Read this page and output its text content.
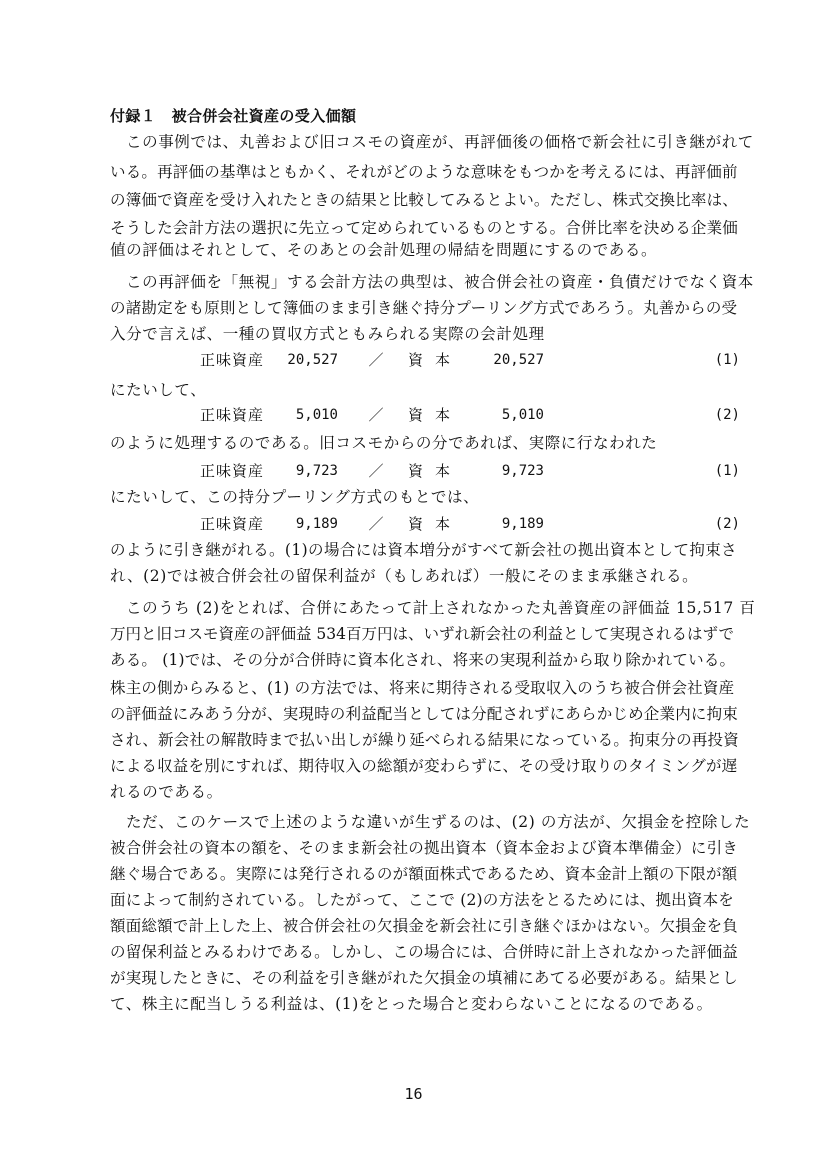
付録１　被合併会社資産の受入価額
この事例では、丸善および旧コスモの資産が、再評価後の価格で新会社に引き継がれて
いる。再評価の基準はともかく、それがどのような意味をもつかを考えるには、再評価前
の簿価で資産を受け入れたときの結果と比較してみるとよい。ただし、株式交換比率は、
そうした会計方法の選択に先立って定められているものとする。合併比率を決める企業価
値の評価はそれとして、そのあとの会計処理の帰結を問題にするのである。
この再評価を「無視」する会計方法の典型は、被合併会社の資産・負債だけでなく資本
の諸勘定をも原則として簿価のまま引き継ぐ持分プーリング方式であろう。丸善からの受
入分で言えば、一種の買収方式ともみられる実際の会計処理
正味資産	20,527 ／ 資本	20,527	(1)
にたいして、
正味資産	5,010 ／ 資本	5,010	(2)
のように処理するのである。旧コスモからの分であれば、実際に行なわれた
正味資産	9,723 ／ 資本	9,723	(1)
にたいして、この持分プーリング方式のもとでは、
正味資産	9,189 ／ 資本	9,189	(2)
のように引き継がれる。(1)の場合には資本増分がすべて新会社の拠出資本として拘束さ
れ、(2)では被合併会社の留保利益が（もしあれば）一般にそのまま承継される。
このうち (2)をとれば、合併にあたって計上されなかった丸善資産の評価益 15,517 百
万円と旧コスモ資産の評価益 534百万円は、いずれ新会社の利益として実現されるはずで
ある。 (1)では、その分が合併時に資本化され、将来の実現利益から取り除かれている。
株主の側からみると、(1) の方法では、将来に期待される受取収入のうち被合併会社資産
の評価益にみあう分が、実現時の利益配当としては分配されずにあらかじめ企業内に拘束
され、新会社の解散時まで払い出しが繰り延べられる結果になっている。拘束分の再投資
による収益を別にすれば、期待収入の総額が変わらずに、その受け取りのタイミングが遅
れるのである。
ただ、このケースで上述のような違いが生ずるのは、(2) の方法が、欠損金を控除した
被合併会社の資本の額を、そのまま新会社の拠出資本（資本金および資本準備金）に引き
継ぐ場合である。実際には発行されるのが額面株式であるため、資本金計上額の下限が額
面によって制約されている。したがって、ここで (2)の方法をとるためには、拠出資本を
額面総額で計上した上、被合併会社の欠損金を新会社に引き継ぐほかはない。欠損金を負
の留保利益とみるわけである。しかし、この場合には、合併時に計上されなかった評価益
が実現したときに、その利益を引き継がれた欠損金の填補にあてる必要がある。結果とし
て、株主に配当しうる利益は、(1)をとった場合と変わらないことになるのである。
16
